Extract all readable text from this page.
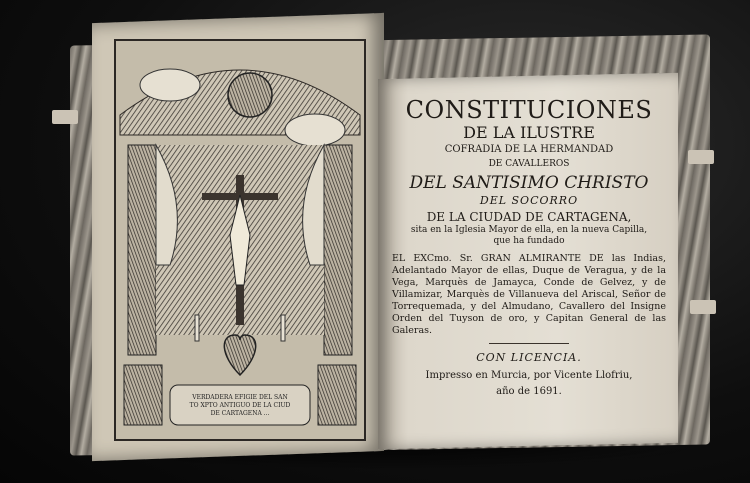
VERDADERA EFIGIE DEL SAN
TO XPTO ANTIGUO DE LA CIUD
DE CARTAGENA ...
CONSTITUCIONES
DE LA ILUSTRE
COFRADIA DE LA HERMANDAD
DE CAVALLEROS
DEL SANTISIMO CHRISTO
DEL SOCORRO
DE LA CIUDAD DE CARTAGENA,
sita en la Iglesia Mayor de ella, en la nueva Capilla,
que ha fundado
EL EXCmo. Sr. GRAN ALMIRANTE DE las Indias, Adelantado Mayor de ellas, Duque de Veragua, y de la Vega, Marquès de Jamayca, Conde de Gelvez, y de Villamizar, Marquès de Villanueva del Ariscal, Señor de Torrequemada, y del Almudano, Cavallero del Insigne Orden del Tuyson de oro, y Capitan General de las Galeras.
CON LICENCIA.
Impresso en Murcia, por Vicente Llofriu,
año de 1691.
